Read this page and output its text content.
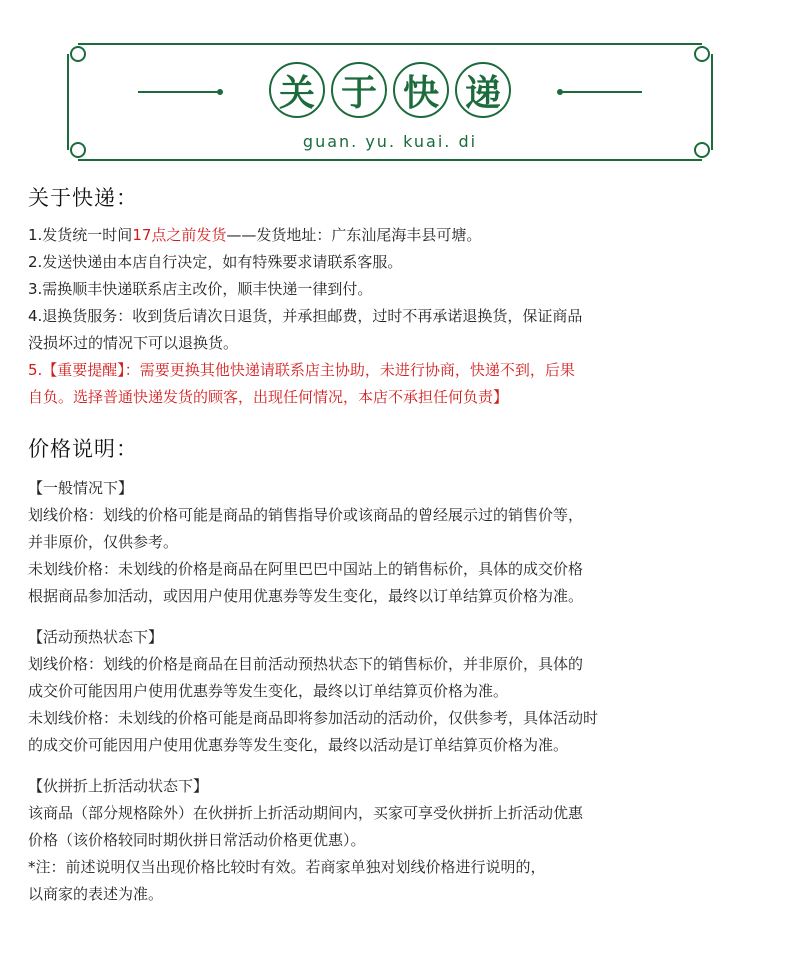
关 于 快 递
guan. yu. kuai. di
关于快递：

1.发货统一时间17点之前发货——发货地址：广东汕尾海丰县可塘。

2.发送快递由本店自行决定，如有特殊要求请联系客服。

3.需换顺丰快递联系店主改价，顺丰快递一律到付。

4.退换货服务：收到货后请次日退货，并承担邮费，过时不再承诺退换货，保证商品

没损坏过的情况下可以退换货。

5.【重要提醒】：需要更换其他快递请联系店主协助，未进行协商，快递不到，后果

自负。选择普通快递发货的顾客，出现任何情况，本店不承担任何负责】

价格说明：

【一般情况下】

划线价格：划线的价格可能是商品的销售指导价或该商品的曾经展示过的销售价等，

并非原价，仅供参考。

未划线价格：未划线的价格是商品在阿里巴巴中国站上的销售标价，具体的成交价格

根据商品参加活动，或因用户使用优惠券等发生变化，最终以订单结算页价格为准。

【活动预热状态下】

划线价格：划线的价格是商品在目前活动预热状态下的销售标价，并非原价，具体的

成交价可能因用户使用优惠券等发生变化，最终以订单结算页价格为准。

未划线价格：未划线的价格可能是商品即将参加活动的活动价，仅供参考，具体活动时

的成交价可能因用户使用优惠券等发生变化，最终以活动是订单结算页价格为准。

【伙拼折上折活动状态下】

该商品（部分规格除外）在伙拼折上折活动期间内，买家可享受伙拼折上折活动优惠

价格（该价格较同时期伙拼日常活动价格更优惠）。

*注：前述说明仅当出现价格比较时有效。若商家单独对划线价格进行说明的，

以商家的表述为准。
